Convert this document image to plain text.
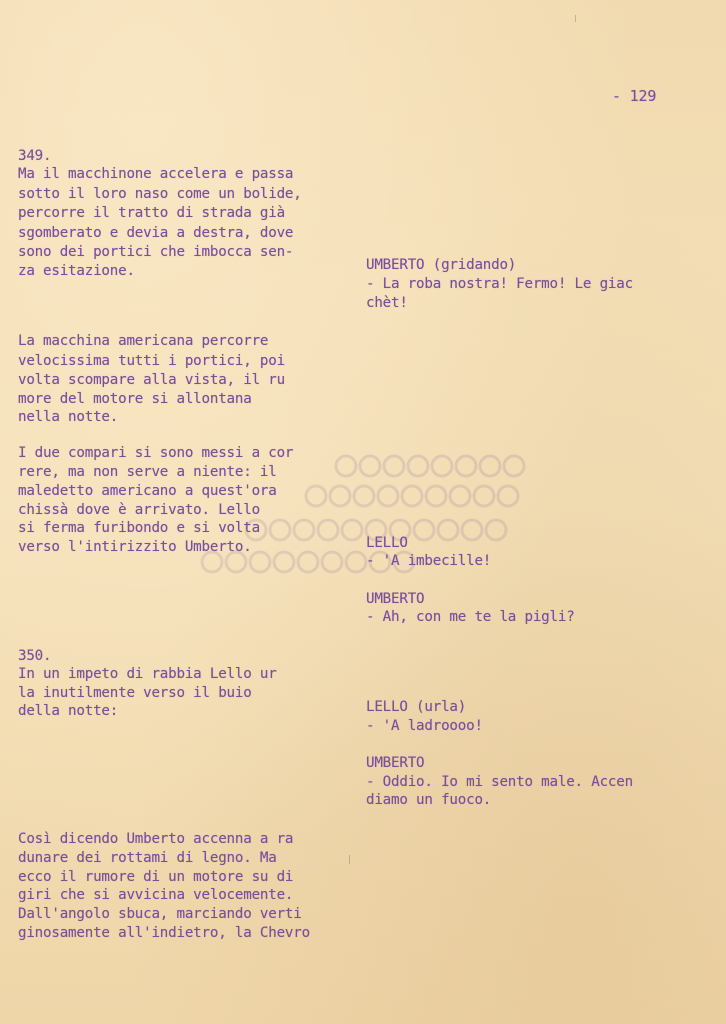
- 129
349.
Ma il macchinone accelera e passa
sotto il loro naso come un bolide,
percorre il tratto di strada già
sgomberato e devia a destra, dove
sono dei portici che imbocca sen-
za esitazione.	UMBERTO (gridando)
- La roba nostra! Fermo! Le giac
chèt!
La macchina americana percorre
velocissima tutti i portici, poi
volta scompare alla vista, il ru
more del motore si allontana
nella notte.
I due compari si sono messi a cor
rere, ma non serve a niente: il
maledetto americano a quest'ora
chissà dove è arrivato. Lello
si ferma furibondo e si volta
verso l'intirizzito Umberto.	LELLO
- 'A imbecille!
UMBERTO
- Ah, con me te la pigli?
350.
In un impeto di rabbia Lello ur
la inutilmente verso il buio
della notte:	LELLO (urla)
- 'A ladroooo!
UMBERTO
- Oddio. Io mi sento male. Accen
diamo un fuoco.
Così dicendo Umberto accenna a ra
dunare dei rottami di legno. Ma
ecco il rumore di un motore su di
giri che si avvicina velocemente.
Dall'angolo sbuca, marciando verti
ginosamente all'indietro, la Chevro
